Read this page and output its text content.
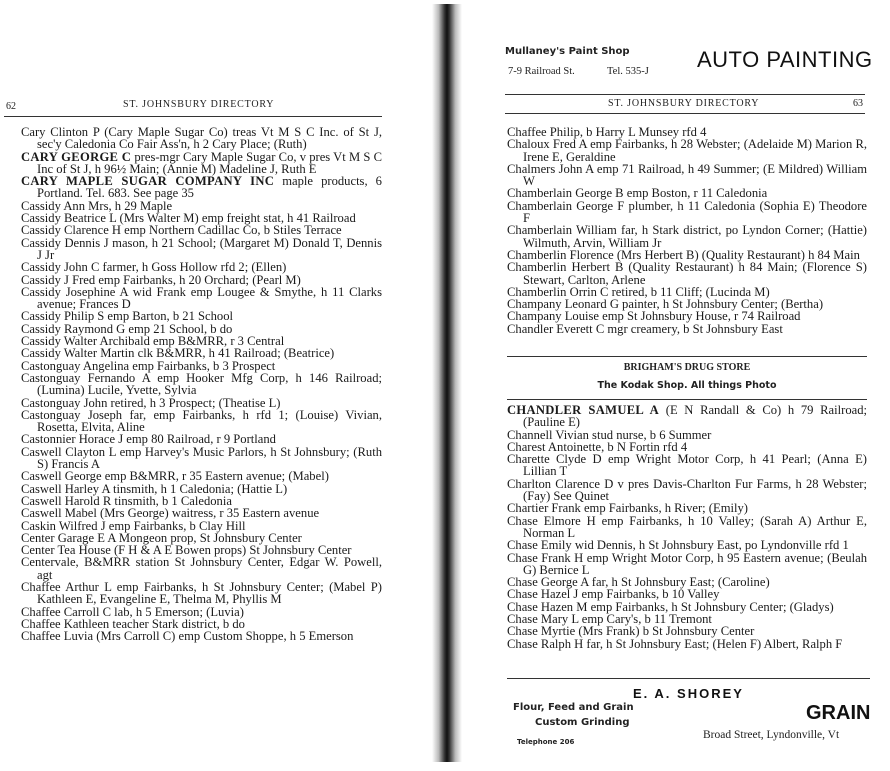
62	ST. JOHNSBURY DIRECTORY
Cary Clinton P (Cary Maple Sugar Co) treas Vt M S C Inc. of St J, sec'y Caledonia Co Fair Ass'n, h 2 Cary Place; (Ruth)
CARY GEORGE C pres-mgr Cary Maple Sugar Co, v pres Vt M S C Inc of St J, h 96½ Main; (Annie M) Madeline J, Ruth E
CARY MAPLE SUGAR COMPANY INC maple products, 6 Portland. Tel. 683. See page 35
Cassidy Ann Mrs, h 29 Maple
Cassidy Beatrice L (Mrs Walter M) emp freight stat, h 41 Railroad
Cassidy Clarence H emp Northern Cadillac Co, b Stiles Terrace
Cassidy Dennis J mason, h 21 School; (Margaret M) Donald T, Dennis J Jr
Cassidy John C farmer, h Goss Hollow rfd 2; (Ellen)
Cassidy J Fred emp Fairbanks, h 20 Orchard; (Pearl M)
Cassidy Josephine A wid Frank emp Lougee & Smythe, h 11 Clarks avenue; Frances D
Cassidy Philip S emp Barton, b 21 School
Cassidy Raymond G emp 21 School, b do
Cassidy Walter Archibald emp B&MRR, r 3 Central
Cassidy Walter Martin clk B&MRR, h 41 Railroad; (Beatrice)
Castonguay Angelina emp Fairbanks, b 3 Prospect
Castonguay Fernando A emp Hooker Mfg Corp, h 146 Railroad; (Lumina) Lucile, Yvette, Sylvia
Castonguay John retired, h 3 Prospect; (Theatise L)
Castonguay Joseph far, emp Fairbanks, h rfd 1; (Louise) Vivian, Rosetta, Elvita, Aline
Castonnier Horace J emp 80 Railroad, r 9 Portland
Caswell Clayton L emp Harvey's Music Parlors, h St Johnsbury; (Ruth S) Francis A
Caswell George emp B&MRR, r 35 Eastern avenue; (Mabel)
Caswell Harley A tinsmith, h 1 Caledonia; (Hattie L)
Caswell Harold R tinsmith, b 1 Caledonia
Caswell Mabel (Mrs George) waitress, r 35 Eastern avenue
Caskin Wilfred J emp Fairbanks, b Clay Hill
Center Garage E A Mongeon prop, St Johnsbury Center
Center Tea House (F H & A E Bowen props) St Johnsbury Center
Centervale, B&MRR station St Johnsbury Center, Edgar W. Powell, agt
Chaffee Arthur L emp Fairbanks, h St Johnsbury Center; (Mabel P) Kathleen E, Evangeline E, Thelma M, Phyllis M
Chaffee Carroll C lab, h 5 Emerson; (Luvia)
Chaffee Kathleen teacher Stark district, b do
Chaffee Luvia (Mrs Carroll C) emp Custom Shoppe, h 5 Emerson
Mullaney's Paint Shop
7-9 Railroad St.	Tel. 535-J AUTO PAINTING
ST. JOHNSBURY DIRECTORY	63
Chaffee Philip, b Harry L Munsey rfd 4
Chaloux Fred A emp Fairbanks, h 28 Webster; (Adelaide M) Marion R, Irene E, Geraldine
Chalmers John A emp 71 Railroad, h 49 Summer; (E Mildred) William W
Chamberlain George B emp Boston, r 11 Caledonia
Chamberlain George F plumber, h 11 Caledonia (Sophia E) Theodore F
Chamberlain William far, h Stark district, po Lyndon Corner; (Hattie) Wilmuth, Arvin, William Jr
Chamberlin Florence (Mrs Herbert B) (Quality Restaurant) h 84 Main
Chamberlin Herbert B (Quality Restaurant) h 84 Main; (Florence S) Stewart, Carlton, Arlene
Chamberlin Orrin C retired, b 11 Cliff; (Lucinda M)
Champany Leonard G painter, h St Johnsbury Center; (Bertha)
Champany Louise emp St Johnsbury House, r 74 Railroad
Chandler Everett C mgr creamery, b St Johnsbury East
BRIGHAM'S DRUG STORE
The Kodak Shop. All things Photo
CHANDLER SAMUEL A (E N Randall & Co) h 79 Railroad; (Pauline E)
Channell Vivian stud nurse, b 6 Summer
Charest Antoinette, b N Fortin rfd 4
Charette Clyde D emp Wright Motor Corp, h 41 Pearl; (Anna E) Lillian T
Charlton Clarence D v pres Davis-Charlton Fur Farms, h 28 Webster; (Fay) See Quinet
Chartier Frank emp Fairbanks, h River; (Emily)
Chase Elmore H emp Fairbanks, h 10 Valley; (Sarah A) Arthur E, Norman L
Chase Emily wid Dennis, h St Johnsbury East, po Lyndonville rfd 1
Chase Frank H emp Wright Motor Corp, h 95 Eastern avenue; (Beulah G) Bernice L
Chase George A far, h St Johnsbury East; (Caroline)
Chase Hazel J emp Fairbanks, b 10 Valley
Chase Hazen M emp Fairbanks, h St Johnsbury Center; (Gladys)
Chase Mary L emp Cary's, b 11 Tremont
Chase Myrtie (Mrs Frank) b St Johnsbury Center
Chase Ralph H far, h St Johnsbury East; (Helen F) Albert, Ralph F
E. A. SHOREY
Flour, Feed and Grain
Custom Grinding
Telephone 206
GRAIN
Broad Street, Lyndonville, Vt
